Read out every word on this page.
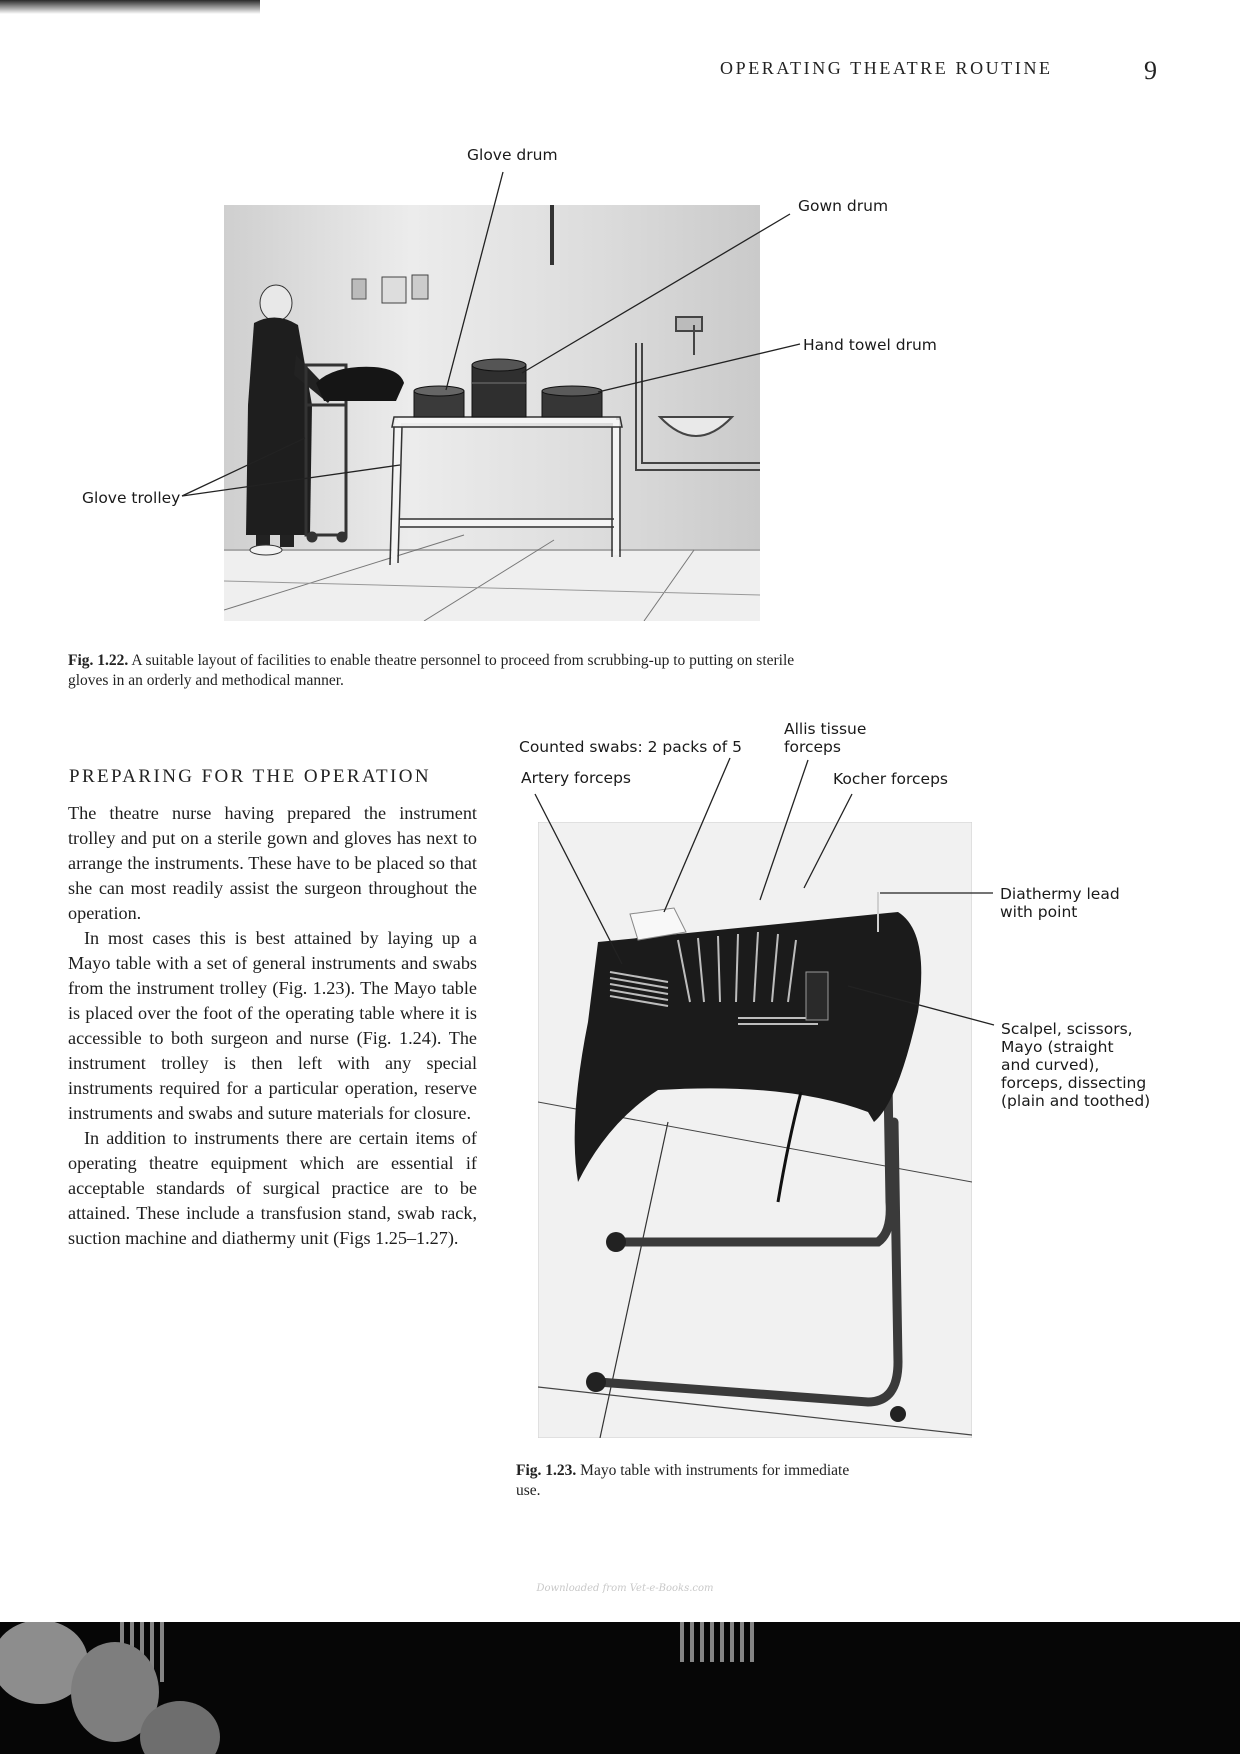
OPERATING THEATRE ROUTINE	9
Glove drum
Gown drum
Hand towel drum
Glove trolley
Fig. 1.22. A suitable layout of facilities to enable theatre personnel to proceed from scrubbing-up to putting on sterile
gloves in an orderly and methodical manner.
PREPARING FOR THE OPERATION

The theatre nurse having prepared the instrument trolley and put on a sterile gown and gloves has next to arrange the instruments. These have to be placed so that she can most readily assist the surgeon throughout the operation.

In most cases this is best attained by laying up a Mayo table with a set of general instruments and swabs from the instrument trolley (Fig. 1.23). The Mayo table is placed over the foot of the operating table where it is accessible to both surgeon and nurse (Fig. 1.24). The instrument trolley is then left with any special instruments required for a particular operation, reserve instruments and swabs and suture materials for closure.

In addition to instruments there are certain items of operating theatre equipment which are essential if acceptable standards of surgical practice are to be attained. These include a transfusion stand, swab rack, suction machine and diathermy unit (Figs 1.25–1.27).

Counted swabs: 2 packs of 5
Artery forceps
Allis tissue
forceps
Kocher forceps
Diathermy lead
with point
Scalpel, scissors,
Mayo (straight
and curved),
forceps, dissecting
(plain and toothed)
Fig. 1.23. Mayo table with instruments for immediate
use.
Downloaded from Vet-e-Books.com
